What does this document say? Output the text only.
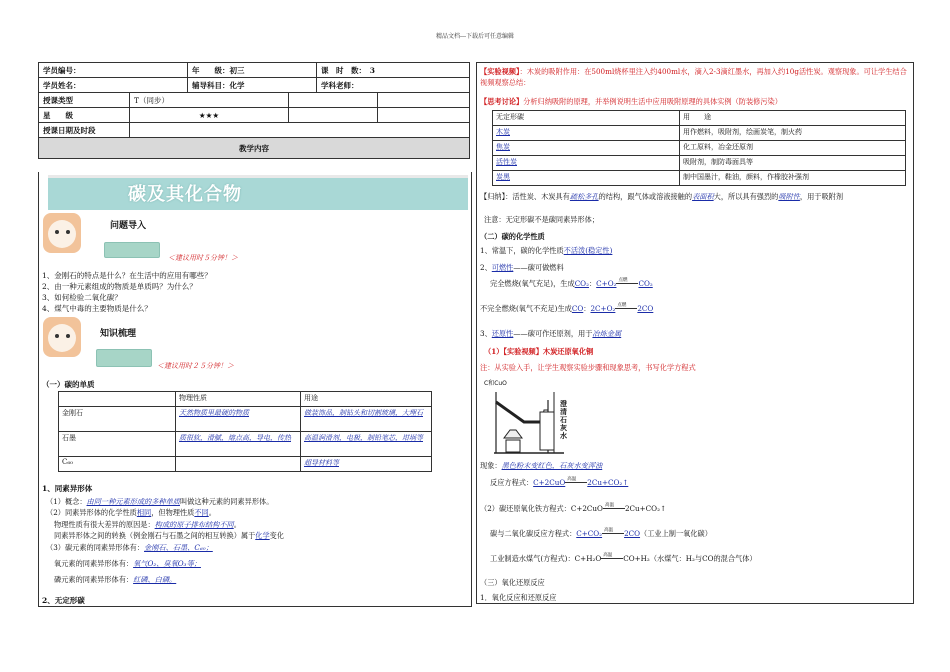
精品文档---下载后可任意编辑
学员编号：	年　　级：初三	课　时　数：　3
学员姓名：	辅导科目：化学	学科老师：
授课类型	T（同步）		
星　　级	★★★		
授课日期及时段			
教学内容			
碳及其化合物
问题导入
＜建议用时５分钟！＞
1、金刚石的特点是什么？在生活中的应用有哪些？
2、由一种元素组成的物质是单质吗？为什么？
3、如何检验二氧化碳？
4、煤气中毒的主要物质是什么？
知识梳理
＜建议用时２５分钟！＞
（一）碳的单质
	物理性质	用途
金刚石	天然物质里最硬的物质	做装饰品，制钻头和切割玻璃，大理石
石墨	质很软，滑腻，熔点高，导电，传热	高温润滑剂，电极，制铅笔芯，坩埚等
C₆₀		超导材料等
1、同素异形体
（1）概念：由同一种元素形成的多种单质叫做这种元素的同素异形体。
（2）同素异形体的化学性质相同，但物理性质不同。
物理性质有很大差异的原因是：构成的原子排布结构不同。
同素异形体之间的转换（例金刚石与石墨之间的相互转换）属于化学变化
（3）碳元素的同素异形体有：金刚石、石墨、C₆₀；
氧元素的同素异形体有：氧气O₂、臭氧O₃等；
磷元素的同素异形体有：红磷、白磷。
2、无定形碳
【实验视频】：木炭的吸附作用：在500ml烧杯里注入约400ml水，滴入2-3滴红墨水，再加入约10g活性炭。观察现象。可让学生结合视频观察总结：
【思考讨论】分析归纳吸附的原理，并举例说明生活中应用吸附原理的具体实例（防装修污染）
无定形碳	用　　途
木炭	用作燃料，吸附剂，绘画炭笔，制火药
焦炭	化工原料，冶金还原剂
活性炭	吸附剂，制防毒面具等
炭黑	制中国墨汁，鞋油，颜料，作橡胶补强剂
【归纳】：活性炭、木炭具有疏松多孔的结构，跟气体或溶液接触的表面积大，所以具有强烈的吸附性，用于吸附剂
注意：无定形碳不是碳同素异形体；
（二）碳的化学性质
1、常温下，碳的化学性质不活泼(稳定性)
2、可燃性——碳可做燃料
完全燃烧(氧气充足)，生成CO₂：C+O₂ 点燃 CO₂
不完全燃烧(氧气不充足)生成CO：2C+O₂ 点燃 2CO
3、还原性——碳可作还原剂，用于冶炼金属
（1）【实验视频】木炭还原氧化铜
注：从实验入手，让学生观察实验步骤和现象思考，书写化学方程式
C和CuO
澄清石灰水
现象：黑色粉末变红色，石灰水变浑浊
反应方程式：C+2CuO 高温 2Cu+CO₂↑
（2）碳还原氧化铁方程式：C+2CuO 高温 2Cu+CO₂↑
碳与二氧化碳反应方程式：C+CO₂ 高温 2CO（工业上制一氧化碳）
工业制造水煤气(方程式)：C+H₂O 高温 CO+H₂（水煤气：H₂与CO的混合气体）
（三）氧化还原反应
1．氧化反应和还原反应
